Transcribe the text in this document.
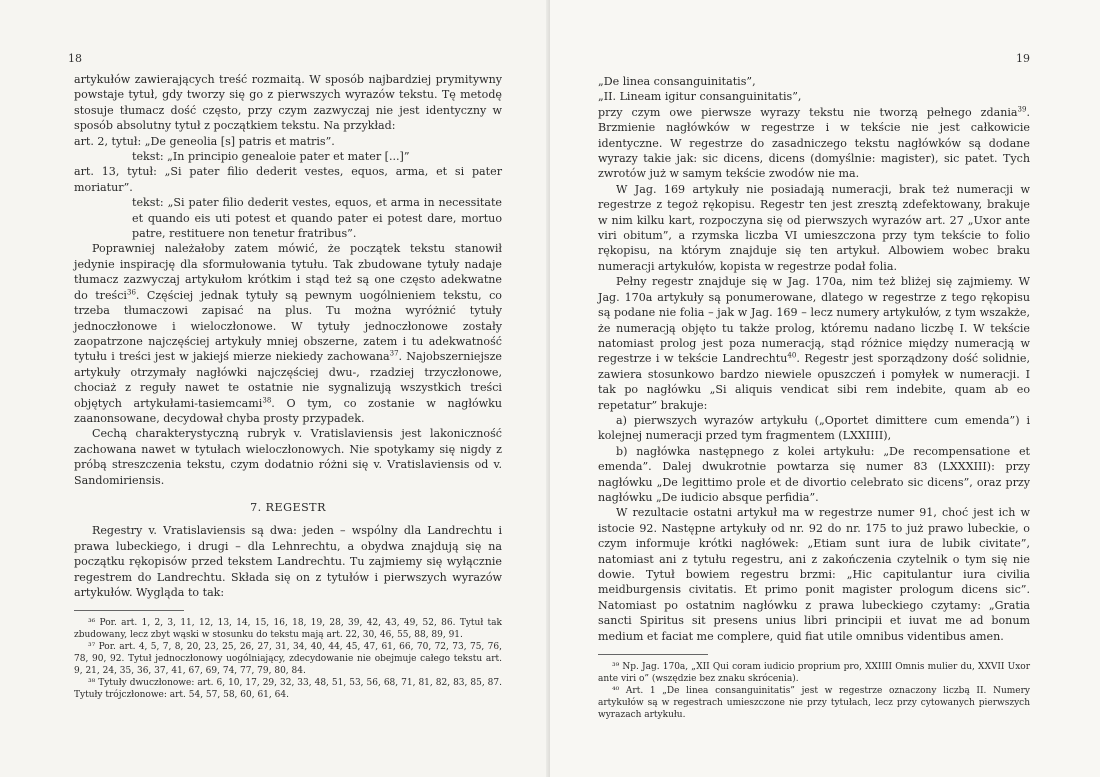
18

artykułów zawierających treść rozmaitą. W sposób najbardziej prymitywny powstaje tytuł, gdy tworzy się go z pierwszych wyrazów tekstu. Tę metodę stosuje tłumacz dość często, przy czym zazwyczaj nie jest identyczny w sposób absolutny tytuł z początkiem tekstu. Na przykład:

art. 2, tytuł: „De geneolia [s] patris et matris”.
tekst: „In principio genealoie pater et mater [...]”
art. 13, tytuł: „Si pater filio dederit vestes, equos, arma, et si pater moriatur”.
tekst: „Si pater filio dederit vestes, equos, et arma in necessitate et quando eis uti potest et quando pater ei potest dare, mortuo patre, restituere non tenetur fratribus”.

Poprawniej należałoby zatem mówić, że początek tekstu stanowił jedynie inspirację dla sformułowania tytułu. Tak zbudowane tytuły nadaje tłumacz zazwyczaj artykułom krótkim i stąd też są one często adekwatne do treści$^{36}$. Częściej jednak tytuły są pewnym uogólnieniem tekstu, co trzeba tłumaczowi zapisać na plus. Tu można wyróżnić tytuły jednoczłonowe i wieloczłonowe. W tytuły jednoczłonowe zostały zaopatrzone najczęściej artykuły mniej obszerne, zatem i tu adekwatność tytułu i treści jest w jakiejś mierze niekiedy zachowana$^{37}$. Najobszerniejsze artykuły otrzymały nagłówki najczęściej dwu-, rzadziej trzyczłonowe, chociaż z reguły nawet te ostatnie nie sygnalizują wszystkich treści objętych artykułami-tasiemcami$^{38}$. O tym, co zostanie w nagłówku zaanonsowane, decydował chyba prosty przypadek.

Cechą charakterystyczną rubryk v. Vratislaviensis jest lakoniczność zachowana nawet w tytułach wieloczłonowych. Nie spotykamy się nigdy z próbą streszczenia tekstu, czym dodatnio różni się v. Vratislaviensis od v. Sandomiriensis.

7. REGESTR

Regestry v. Vratislaviensis są dwa: jeden – wspólny dla Landrechtu i prawa lubeckiego, i drugi – dla Lehnrechtu, a obydwa znajdują się na początku rękopisów przed tekstem Landrechtu. Tu zajmiemy się wyłącznie regestrem do Landrechtu. Składa się on z tytułów i pierwszych wyrazów artykułów. Wygląda to tak:

³⁶ Por. art. 1, 2, 3, 11, 12, 13, 14, 15, 16, 18, 19, 28, 39, 42, 43, 49, 52, 86. Tytuł tak zbudowany, lecz zbyt wąski w stosunku do tekstu mają art. 22, 30, 46, 55, 88, 89, 91.

³⁷ Por. art. 4, 5, 7, 8, 20, 23, 25, 26, 27, 31, 34, 40, 44, 45, 47, 61, 66, 70, 72, 73, 75, 76, 78, 90, 92. Tytuł jednoczłonowy uogólniający, zdecydowanie nie obejmuje całego tekstu art. 9, 21, 24, 35, 36, 37, 41, 67, 69, 74, 77, 79, 80, 84.

³⁸ Tytuły dwuczłonowe: art. 6, 10, 17, 29, 32, 33, 48, 51, 53, 56, 68, 71, 81, 82, 83, 85, 87. Tytuły trójczłonowe: art. 54, 57, 58, 60, 61, 64.

19
„De linea consanguinitatis”,
„II. Lineam igitur consanguinitatis”,

przy czym owe pierwsze wyrazy tekstu nie tworzą pełnego zdania$^{39}$. Brzmienie nagłówków w regestrze i w tekście nie jest całkowicie identyczne. W regestrze do zasadniczego tekstu nagłówków są dodane wyrazy takie jak: sic dicens, dicens (domyślnie: magister), sic patet. Tych zwrotów już w samym tekście zwodów nie ma.

W Jag. 169 artykuły nie posiadają numeracji, brak też numeracji w regestrze z tegoż rękopisu. Regestr ten jest zresztą zdefektowany, brakuje w nim kilku kart, rozpoczyna się od pierwszych wyrazów art. 27 „Uxor ante viri obitum”, a rzymska liczba VI umieszczona przy tym tekście to folio rękopisu, na którym znajduje się ten artykuł. Albowiem wobec braku numeracji artykułów, kopista w regestrze podał folia.

Pełny regestr znajduje się w Jag. 170a, nim też bliżej się zajmiemy. W Jag. 170a artykuły są ponumerowane, dlatego w regestrze z tego rękopisu są podane nie folia – jak w Jag. 169 – lecz numery artykułów, z tym wszakże, że numeracją objęto tu także prolog, któremu nadano liczbę I. W tekście natomiast prolog jest poza numeracją, stąd różnice między numeracją w regestrze i w tekście Landrechtu$^{40}$. Regestr jest sporządzony dość solidnie, zawiera stosunkowo bardzo niewiele opuszczeń i pomyłek w numeracji. I tak po nagłówku „Si aliquis vendicat sibi rem indebite, quam ab eo repetatur” brakuje:

a) pierwszych wyrazów artykułu („Oportet dimittere cum emenda”) i kolejnej numeracji przed tym fragmentem (LXXIIII),

b) nagłówka następnego z kolei artykułu: „De recompensatione et emenda”. Dalej dwukrotnie powtarza się numer 83 (LXXXIII): przy nagłówku „De legittimo prole et de divortio celebrato sic dicens”, oraz przy nagłówku „De iudicio absque perfidia”.

W rezultacie ostatni artykuł ma w regestrze numer 91, choć jest ich w istocie 92. Następne artykuły od nr. 92 do nr. 175 to już prawo lubeckie, o czym informuje krótki nagłówek: „Etiam sunt iura de lubik civitate”, natomiast ani z tytułu regestru, ani z zakończenia czytelnik o tym się nie dowie. Tytuł bowiem regestru brzmi: „Hic capitulantur iura civilia meidburgensis civitatis. Et primo ponit magister prologum dicens sic”. Natomiast po ostatnim nagłówku z prawa lubeckiego czytamy: „Gratia sancti Spiritus sit presens unius libri principii et iuvat me ad bonum medium et faciat me complere, quid fiat utile omnibus videntibus amen.

³⁹ Np. Jag. 170a, „XII Qui coram iudicio proprium pro, XXIIII Omnis mulier du, XXVII Uxor ante viri o” (wszędzie bez znaku skrócenia).

⁴⁰ Art. 1 „De linea consanguinitatis” jest w regestrze oznaczony liczbą II. Numery artykułów są w regestrach umieszczone nie przy tytułach, lecz przy cytowanych pierwszych wyrazach artykułu.
